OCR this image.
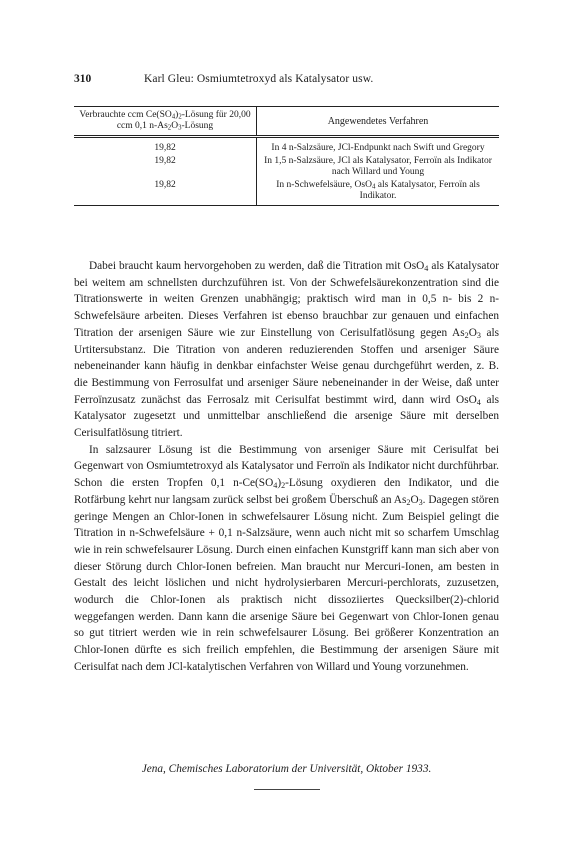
310	Karl Gleu: Osmiumtetroxyd als Katalysator usw.
Verbrauchte ccm $Ce(SO_4)_2$-Lösung für 20,00 ccm 0,1 $n-As_2O_3$-Lösung	Angewendetes Verfahren
19,82	In 4 n-Salzsäure, JCl-Endpunkt nach Swift und Gregory
19,82	In 1,5 n-Salzsäure, JCl als Katalysator, Ferroïn als Indikator nach Willard und Young
19,82	In n-Schwefelsäure, OsO$_4$ als Katalysator, Ferroïn als Indikator.

Dabei braucht kaum hervorgehoben zu werden, daß die Titration mit OsO$_4$ als Katalysator bei weitem am schnellsten durchzuführen ist. Von der Schwefelsäurekonzentration sind die Titrationswerte in weiten Grenzen unabhängig; praktisch wird man in 0,5 n- bis 2 n-Schwefelsäure arbeiten. Dieses Verfahren ist ebenso brauchbar zur genauen und einfachen Titration der arsenigen Säure wie zur Einstellung von Cerisulfatlösung gegen $As_2O_3$ als Urtitersubstanz. Die Titration von anderen reduzierenden Stoffen und arseniger Säure nebeneinander kann häufig in denkbar einfachster Weise genau durchgeführt werden, z. B. die Bestimmung von Ferrosulfat und arseniger Säure nebeneinander in der Weise, daß unter Ferroïnzusatz zunächst das Ferrosalz mit Cerisulfat bestimmt wird, dann wird OsO$_4$ als Katalysator zugesetzt und unmittelbar anschließend die arsenige Säure mit derselben Cerisulfatlösung titriert.

In salzsaurer Lösung ist die Bestimmung von arseniger Säure mit Cerisulfat bei Gegenwart von Osmiumtetroxyd als Katalysator und Ferroïn als Indikator nicht durchführbar. Schon die ersten Tropfen 0,1 $n-Ce(SO_4)_2$-Lösung oxydieren den Indikator, und die Rotfärbung kehrt nur langsam zurück selbst bei großem Überschuß an $As_2O_3$. Dagegen stören geringe Mengen an Chlor-Ionen in schwefelsaurer Lösung nicht. Zum Beispiel gelingt die Titration in n-Schwefelsäure + 0,1 n-Salzsäure, wenn auch nicht mit so scharfem Umschlag wie in rein schwefelsaurer Lösung. Durch einen einfachen Kunstgriff kann man sich aber von dieser Störung durch Chlor-Ionen befreien. Man braucht nur Mercuri-Ionen, am besten in Gestalt des leicht löslichen und nicht hydrolysierbaren Mercuri-perchlorats, zuzusetzen, wodurch die Chlor-Ionen als praktisch nicht dissoziiertes Quecksilber(2)-chlorid weggefangen werden. Dann kann die arsenige Säure bei Gegenwart von Chlor-Ionen genau so gut titriert werden wie in rein schwefelsaurer Lösung. Bei größerer Konzentration an Chlor-Ionen dürfte es sich freilich empfehlen, die Bestimmung der arsenigen Säure mit Cerisulfat nach dem JCl-katalytischen Verfahren von Willard und Young vorzunehmen.

Jena, Chemisches Laboratorium der Universität, Oktober 1933.
